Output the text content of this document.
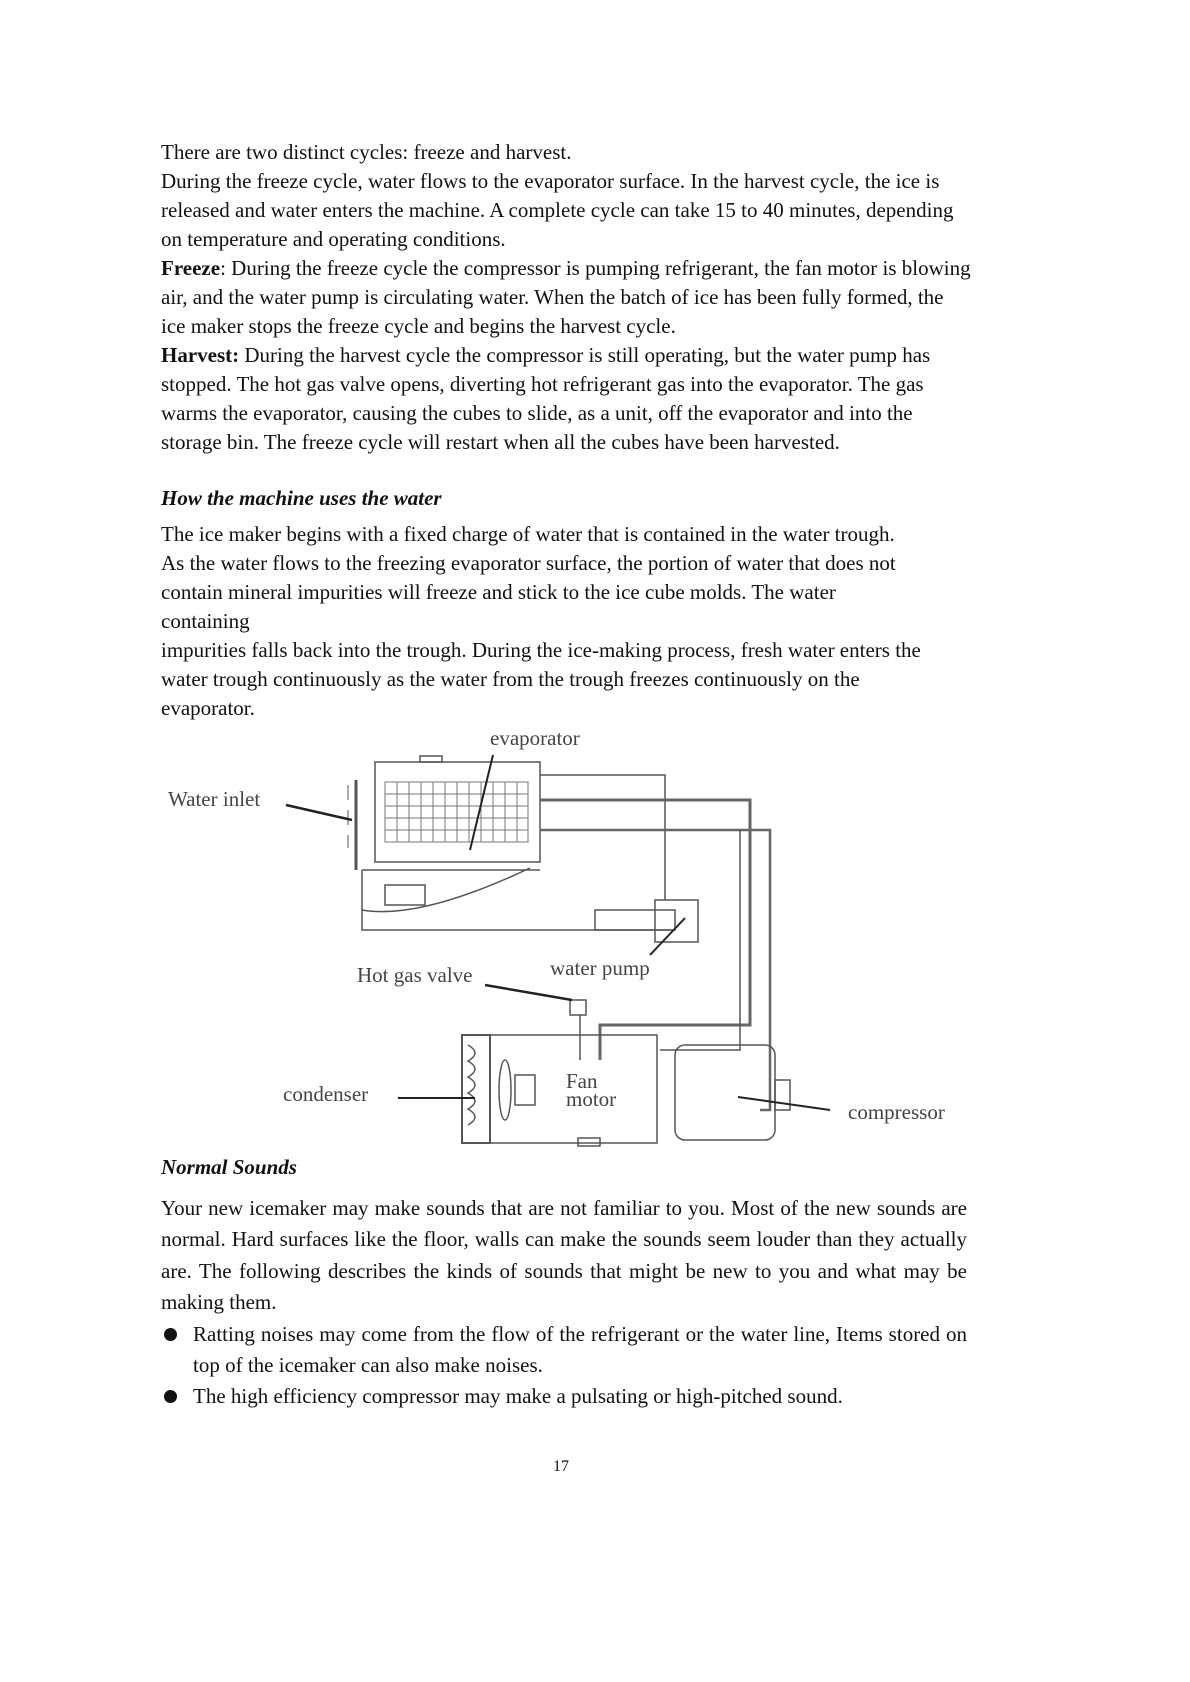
There are two distinct cycles: freeze and harvest.
During the freeze cycle, water flows to the evaporator surface. In the harvest cycle, the ice is released and water enters the machine. A complete cycle can take 15 to 40 minutes, depending on temperature and operating conditions.
Freeze: During the freeze cycle the compressor is pumping refrigerant, the fan motor is blowing air, and the water pump is circulating water. When the batch of ice has been fully formed, the ice maker stops the freeze cycle and begins the harvest cycle.
Harvest: During the harvest cycle the compressor is still operating, but the water pump has stopped. The hot gas valve opens, diverting hot refrigerant gas into the evaporator. The gas warms the evaporator, causing the cubes to slide, as a unit, off the evaporator and into the storage bin. The freeze cycle will restart when all the cubes have been harvested.
How the machine uses the water
The ice maker begins with a fixed charge of water that is contained in the water trough. As the water flows to the freezing evaporator surface, the portion of water that does not contain mineral impurities will freeze and stick to the ice cube molds. The water containing
impurities falls back into the trough. During the ice-making process, fresh water enters the water trough continuously as the water from the trough freezes continuously on the evaporator.
evaporator
Water inlet
Hot gas valve	water pump
condenser
Fan
motor
compressor
Normal Sounds
Your new icemaker may make sounds that are not familiar to you. Most of the new sounds are normal. Hard surfaces like the floor, walls can make the sounds seem louder than they actually are. The following describes the kinds of sounds that might be new to you and what may be making them.
Ratting noises may come from the flow of the refrigerant or the water line, Items stored on top of the icemaker can also make noises.
The high efficiency compressor may make a pulsating or high-pitched sound.
17
